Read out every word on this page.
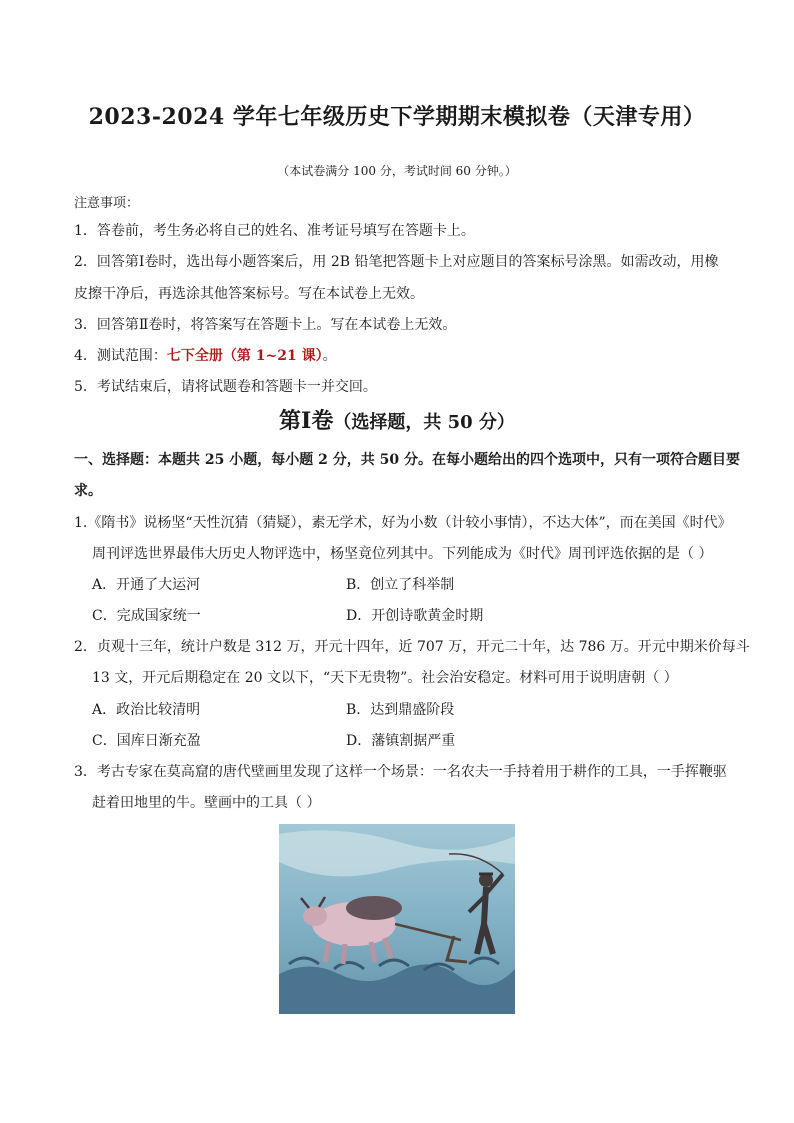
2023-2024 学年七年级历史下学期期末模拟卷（天津专用）
（本试卷满分 100 分，考试时间 60 分钟。）
注意事项：
1．答卷前，考生务必将自己的姓名、准考证号填写在答题卡上。
2．回答第Ⅰ卷时，选出每小题答案后，用 2B 铅笔把答题卡上对应题目的答案标号涂黑。如需改动，用橡
皮擦干净后，再选涂其他答案标号。写在本试卷上无效。
3．回答第Ⅱ卷时，将答案写在答题卡上。写在本试卷上无效。
4．测试范围：七下全册（第 1~21 课）。
5．考试结束后，请将试题卷和答题卡一并交回。
第Ⅰ卷（选择题，共 50 分）
一、选择题：本题共 25 小题，每小题 2 分，共 50 分。在每小题给出的四个选项中，只有一项符合题目要
求。
1.《隋书》说杨坚“天性沉猜（猜疑），素无学术，好为小数（计较小事情），不达大体”，而在美国《时代》
周刊评选世界最伟大历史人物评选中，杨坚竟位列其中。下列能成为《时代》周刊评选依据的是（ ）
A．开通了大运河	B．创立了科举制
C．完成国家统一	D．开创诗歌黄金时期
2．贞观十三年，统计户数是 312 万，开元十四年，近 707 万，开元二十年，达 786 万。开元中期米价每斗
13 文，开元后期稳定在 20 文以下，“天下无贵物”。社会治安稳定。材料可用于说明唐朝（ ）
A．政治比较清明	B．达到鼎盛阶段
C．国库日渐充盈	D．藩镇割据严重
3．考古专家在莫高窟的唐代壁画里发现了这样一个场景：一名农夫一手持着用于耕作的工具，一手挥鞭驱
赶着田地里的牛。壁画中的工具（ ）
